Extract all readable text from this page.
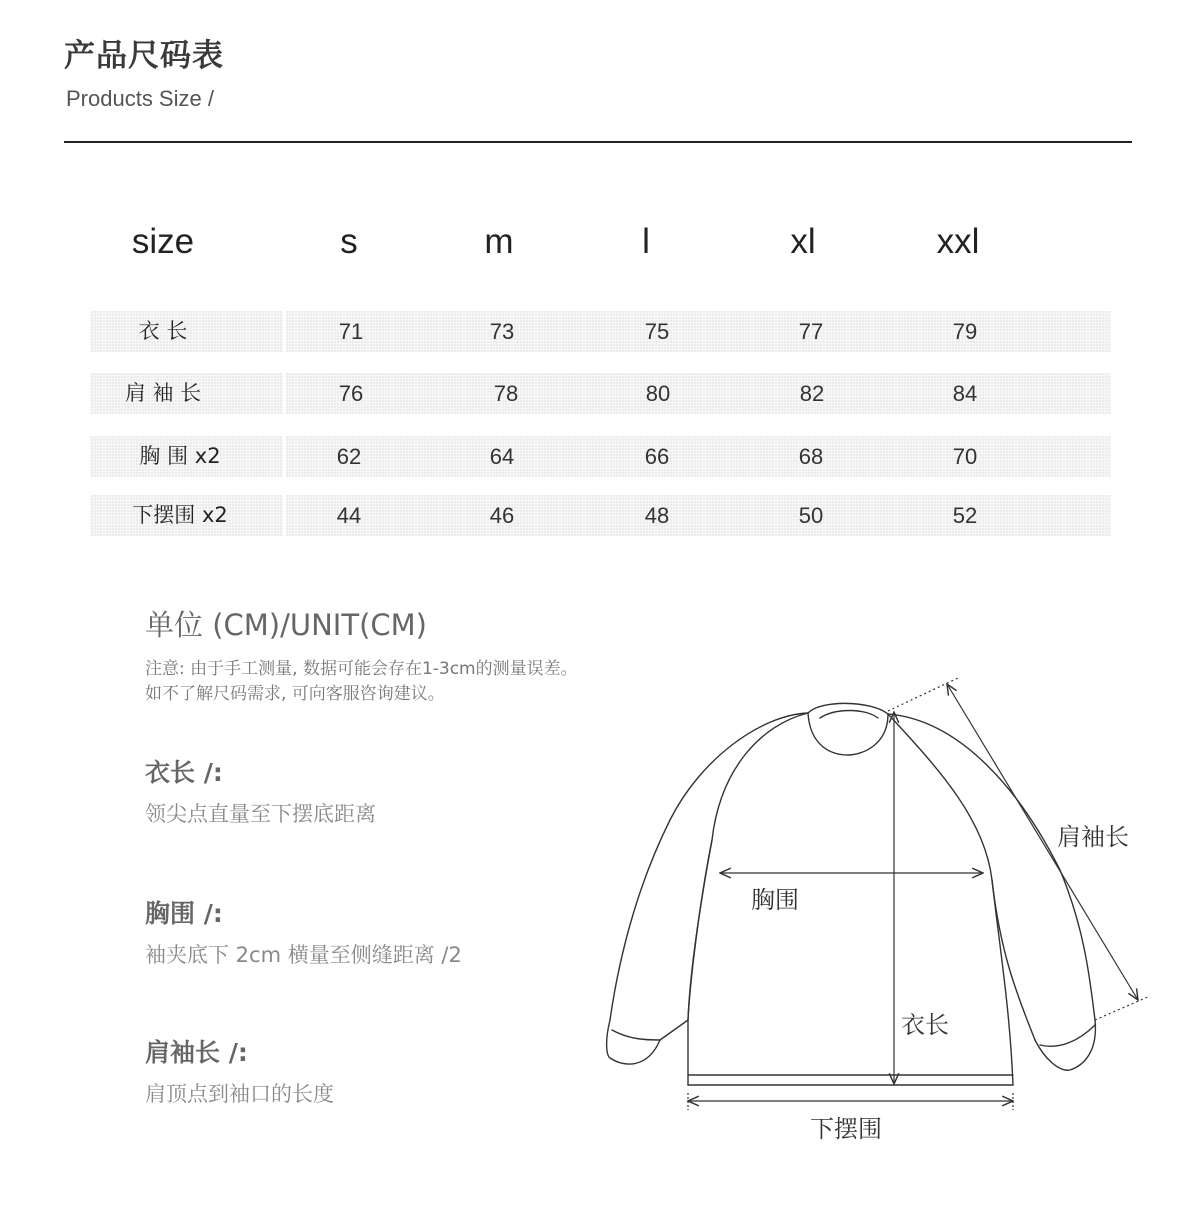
产品尺码表
Products Size /
size	s	m	l	xl	xxl
衣 长	71	73	75	77	79
肩 袖 长	76	78	80	82	84
胸 围 x2	62	64	66	68	70
下摆围 x2	44	46	48	50	52
单位 (CM)/UNIT(CM)
注意: 由于手工测量, 数据可能会存在1-3cm的测量误差。
如不了解尺码需求, 可向客服咨询建议。
衣长 /:
领尖点直量至下摆底距离
胸围 /:
袖夹底下 2cm 横量至侧缝距离 /2
肩袖长 /:
肩顶点到袖口的长度
肩袖长
胸围
衣长
下摆围
